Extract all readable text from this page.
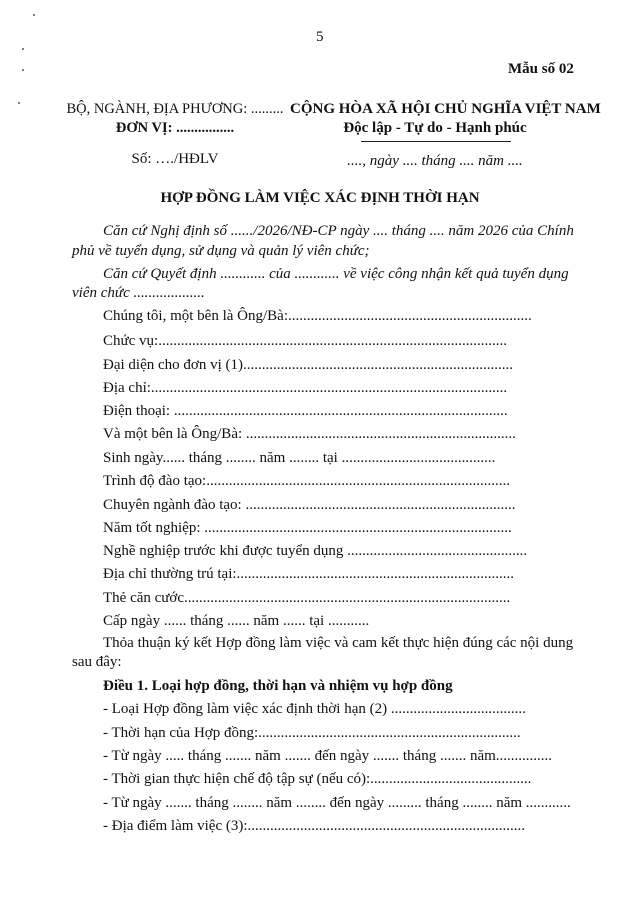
5
Mẫu số 02
BỘ, NGÀNH, ĐỊA PHƯƠNG: .........
ĐƠN VỊ: ................
Số: …./HĐLV
CỘNG HÒA XÃ HỘI CHỦ NGHĨA VIỆT NAM
Độc lập - Tự do - Hạnh phúc
...., ngày .... tháng .... năm ....
HỢP ĐỒNG LÀM VIỆC XÁC ĐỊNH THỜI HẠN
Căn cứ Nghị định số ....../2026/NĐ-CP ngày .... tháng .... năm 2026 của Chính
phủ về tuyển dụng, sử dụng và quản lý viên chức;
Căn cứ Quyết định ............ của ............ về việc công nhận kết quả tuyển dụng
viên chức ...................
Chúng tôi, một bên là Ông/Bà:.................................................................
Chức vụ:.............................................................................................
Đại diện cho đơn vị (1)........................................................................
Địa chỉ:...............................................................................................
Điện thoại: .........................................................................................
Và một bên là Ông/Bà: ........................................................................
Sinh ngày...... tháng ........ năm ........ tại .........................................
Trình độ đào tạo:.................................................................................
Chuyên ngành đào tạo: ........................................................................
Năm tốt nghiệp: ..................................................................................
Nghề nghiệp trước khi được tuyển dụng ................................................
Địa chỉ thường trú tại:..........................................................................
Thẻ căn cước.......................................................................................
Cấp ngày ...... tháng ...... năm ...... tại ...........
Thỏa thuận ký kết Hợp đồng làm việc và cam kết thực hiện đúng các nội dung
sau đây:
Điều 1. Loại hợp đồng, thời hạn và nhiệm vụ hợp đồng
- Loại Hợp đồng làm việc xác định thời hạn (2) ....................................
- Thời hạn của Hợp đồng:......................................................................
- Từ ngày ..... tháng ....... năm ....... đến ngày ....... tháng ....... năm...............
- Thời gian thực hiện chế độ tập sự (nếu có):...........................................
- Từ ngày ....... tháng ........ năm ........ đến ngày ......... tháng ........ năm ............
- Địa điểm làm việc (3):..........................................................................
